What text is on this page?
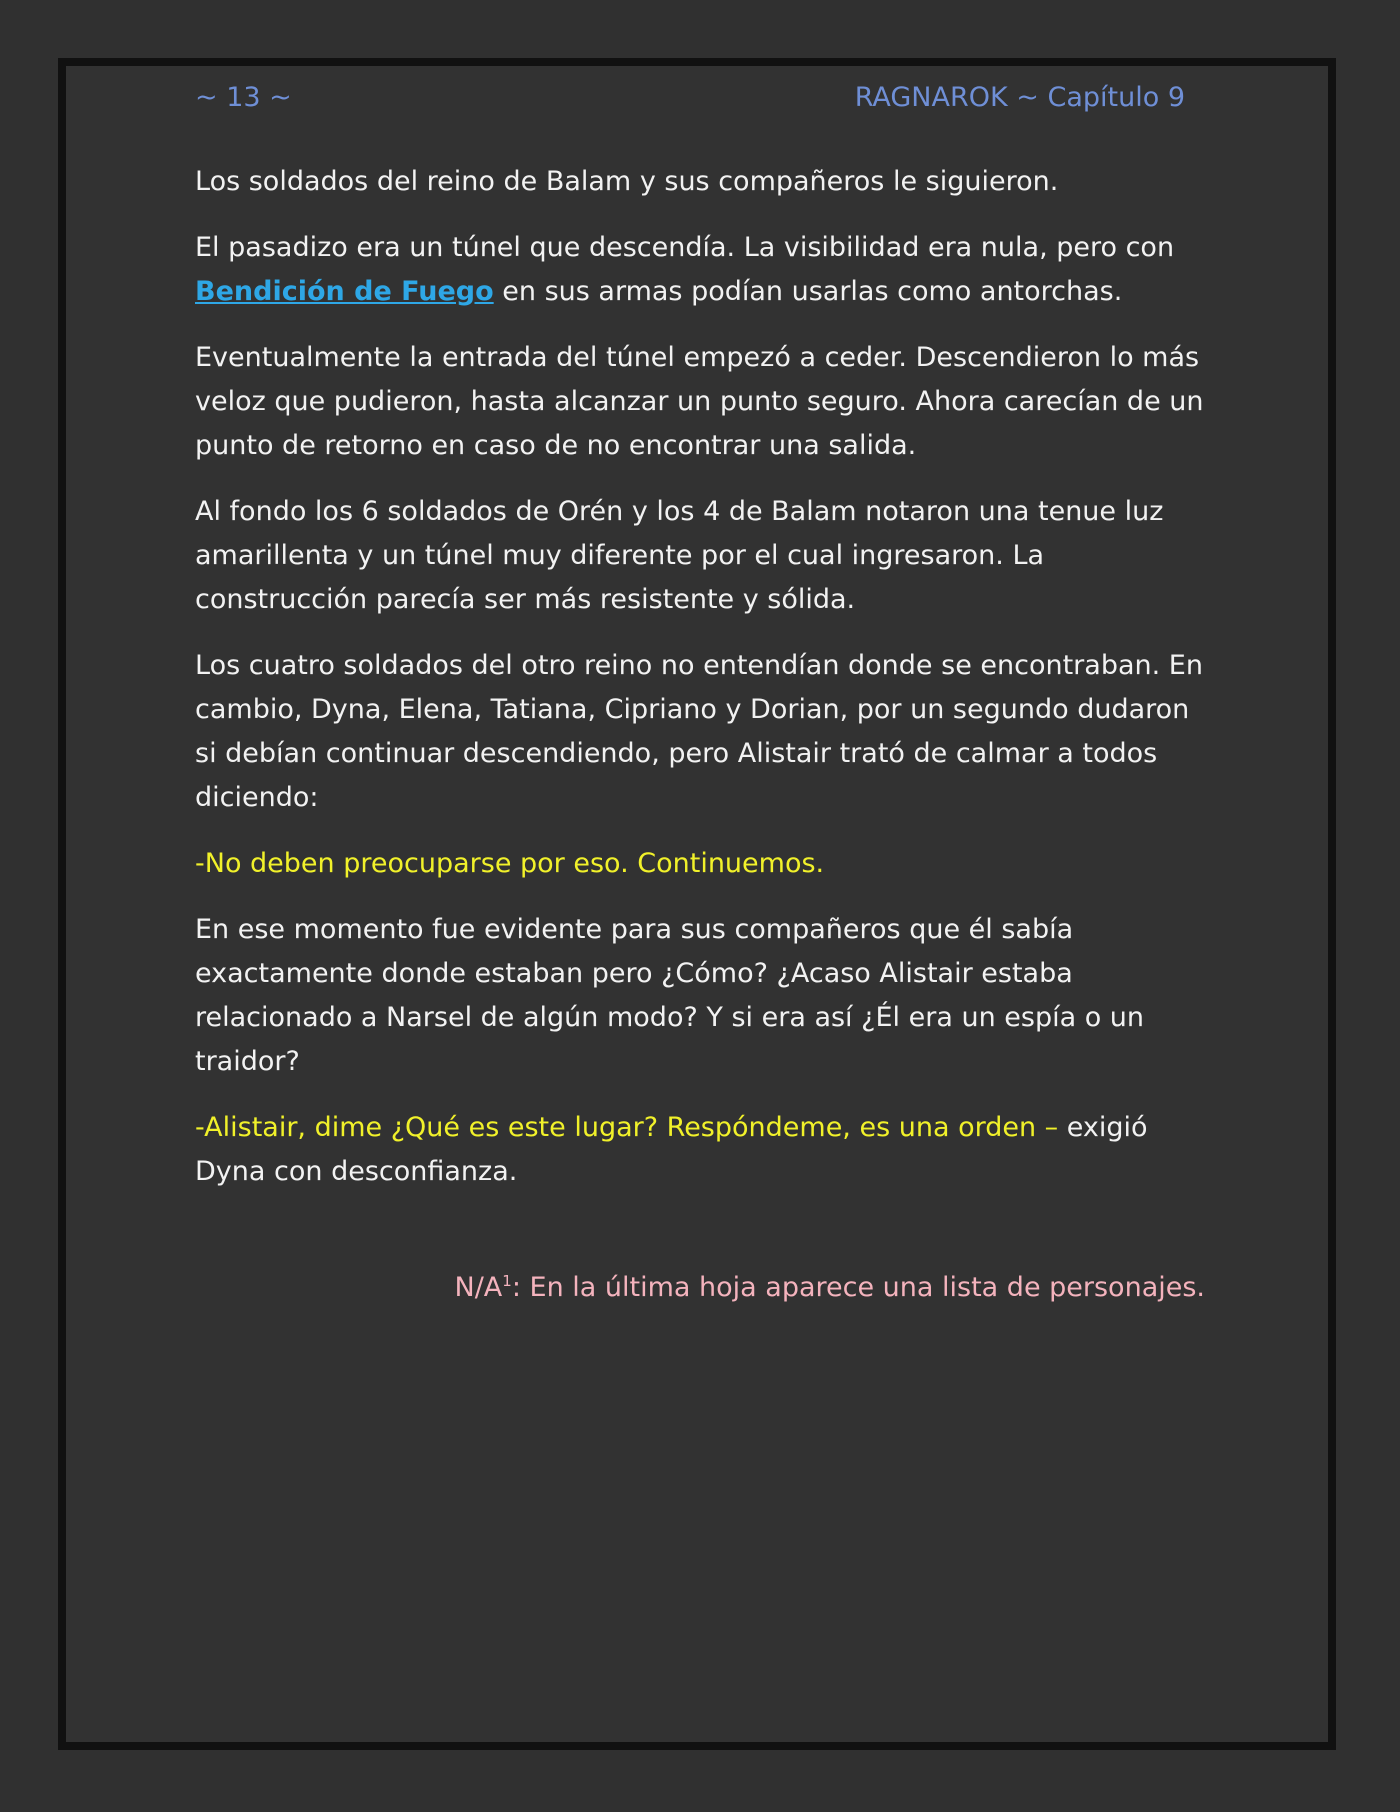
~ 13 ~	RAGNAROK ~ Capítulo 9

Los soldados del reino de Balam y sus compañeros le siguieron.

El pasadizo era un túnel que descendía. La visibilidad era nula, pero con Bendición de Fuego en sus armas podían usarlas como antorchas.

Eventualmente la entrada del túnel empezó a ceder. Descendieron lo más veloz que pudieron, hasta alcanzar un punto seguro. Ahora carecían de un punto de retorno en caso de no encontrar una salida.

Al fondo los 6 soldados de Orén y los 4 de Balam notaron una tenue luz amarillenta y un túnel muy diferente por el cual ingresaron. La construcción parecía ser más resistente y sólida.

Los cuatro soldados del otro reino no entendían donde se encontraban. En cambio, Dyna, Elena, Tatiana, Cipriano y Dorian, por un segundo dudaron si debían continuar descendiendo, pero Alistair trató de calmar a todos diciendo:

-No deben preocuparse por eso. Continuemos.

En ese momento fue evidente para sus compañeros que él sabía exactamente donde estaban pero ¿Cómo? ¿Acaso Alistair estaba relacionado a Narsel de algún modo? Y si era así ¿Él era un espía o un traidor?

-Alistair, dime ¿Qué es este lugar? Respóndeme, es una orden – exigió Dyna con desconfianza.

$N/A^1$: En la última hoja aparece una lista de personajes.
